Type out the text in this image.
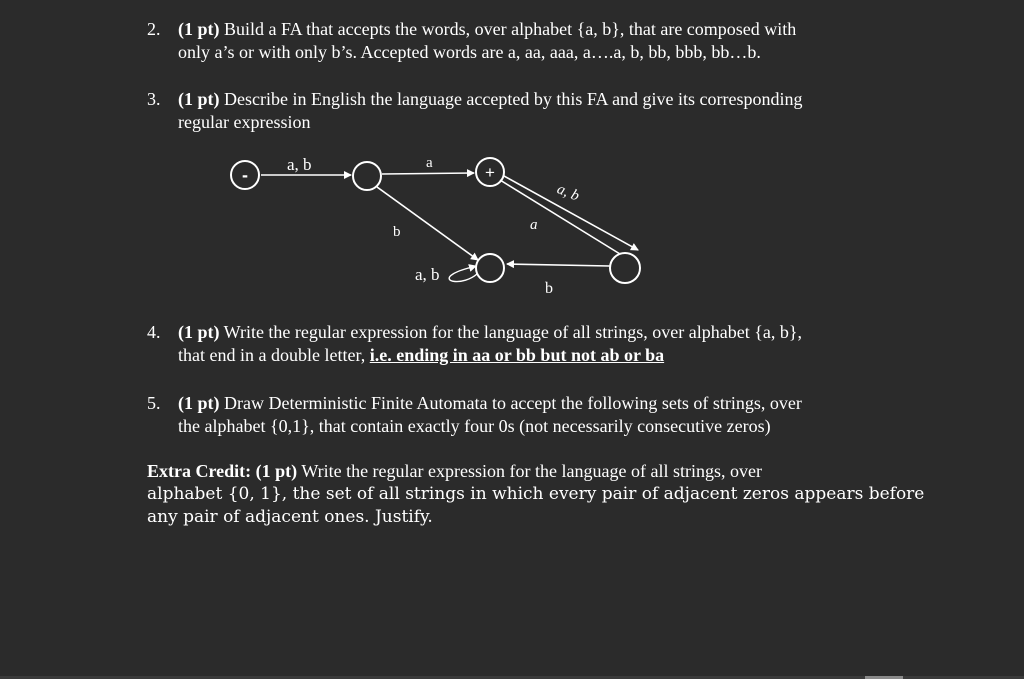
2. (1 pt) Build a FA that accepts the words, over alphabet {a, b}, that are composed with
only a’s or with only b’s. Accepted words are a, aa, aaa, a….a, b, bb, bbb, bb…b.
3. (1 pt) Describe in English the language accepted by this FA and give its corresponding
regular expression
-	+
a, b	a
b
a, b
a
b
a, b
4. (1 pt) Write the regular expression for the language of all strings, over alphabet {a, b},
that end in a double letter, i.e. ending in aa or bb but not ab or ba
5. (1 pt) Draw Deterministic Finite Automata to accept the following sets of strings, over
the alphabet {0,1}, that contain exactly four 0s (not necessarily consecutive zeros)
Extra Credit: (1 pt) Write the regular expression for the language of all strings, over
alphabet {0, 1}, the set of all strings in which every pair of adjacent zeros appears before
any pair of adjacent ones. Justify.
